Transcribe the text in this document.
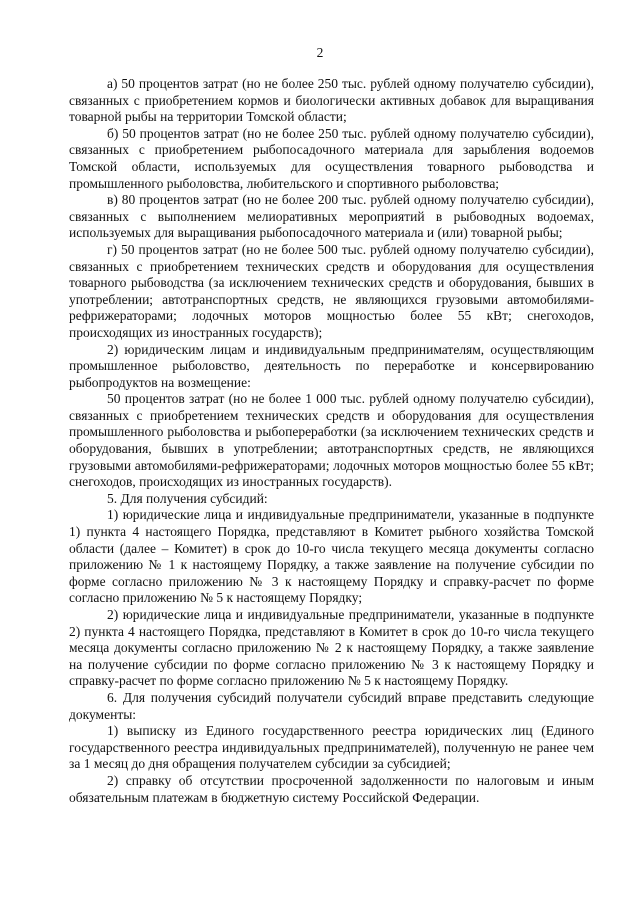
2

а) 50 процентов затрат (но не более 250 тыс. рублей одному получателю субсидии), связанных с приобретением кормов и биологически активных добавок для выращивания товарной рыбы на территории Томской области;

б) 50 процентов затрат (но не более 250 тыс. рублей одному получателю субсидии), связанных с приобретением рыбопосадочного материала для зарыбления водоемов Томской области, используемых для осуществления товарного рыбоводства и промышленного рыболовства, любительского и спортивного рыболовства;

в) 80 процентов затрат (но не более 200 тыс. рублей одному получателю субсидии), связанных с выполнением мелиоративных мероприятий в рыбоводных водоемах, используемых для выращивания рыбопосадочного материала и (или) товарной рыбы;

г) 50 процентов затрат (но не более 500 тыс. рублей одному получателю субсидии), связанных с приобретением технических средств и оборудования для осуществления товарного рыбоводства (за исключением технических средств и оборудования, бывших в употреблении; автотранспортных средств, не являющихся грузовыми автомобилями-рефрижераторами; лодочных моторов мощностью более 55 кВт; снегоходов, происходящих из иностранных государств);

2) юридическим лицам и индивидуальным предпринимателям, осуществляющим промышленное рыболовство, деятельность по переработке и консервированию рыбопродуктов на возмещение:

50 процентов затрат (но не более 1 000 тыс. рублей одному получателю субсидии), связанных с приобретением технических средств и оборудования для осуществления промышленного рыболовства и рыбопереработки (за исключением технических средств и оборудования, бывших в употреблении; автотранспортных средств, не являющихся грузовыми автомобилями-рефрижераторами; лодочных моторов мощностью более 55 кВт; снегоходов, происходящих из иностранных государств).

5. Для получения субсидий:

1) юридические лица и индивидуальные предприниматели, указанные в подпункте 1) пункта 4 настоящего Порядка, представляют в Комитет рыбного хозяйства Томской области (далее – Комитет) в срок до 10-го числа текущего месяца документы согласно приложению № 1 к настоящему Порядку, а также заявление на получение субсидии по форме согласно приложению № 3 к настоящему Порядку и справку-расчет по форме согласно приложению № 5 к настоящему Порядку;

2) юридические лица и индивидуальные предприниматели, указанные в подпункте 2) пункта 4 настоящего Порядка, представляют в Комитет в срок до 10-го числа текущего месяца документы согласно приложению № 2 к настоящему Порядку, а также заявление на получение субсидии по форме согласно приложению № 3 к настоящему Порядку и справку-расчет по форме согласно приложению № 5 к настоящему Порядку.

6. Для получения субсидий получатели субсидий вправе представить следующие документы:

1) выписку из Единого государственного реестра юридических лиц (Единого государственного реестра индивидуальных предпринимателей), полученную не ранее чем за 1 месяц до дня обращения получателем субсидии за субсидией;

2) справку об отсутствии просроченной задолженности по налоговым и иным обязательным платежам в бюджетную систему Российской Федерации.
